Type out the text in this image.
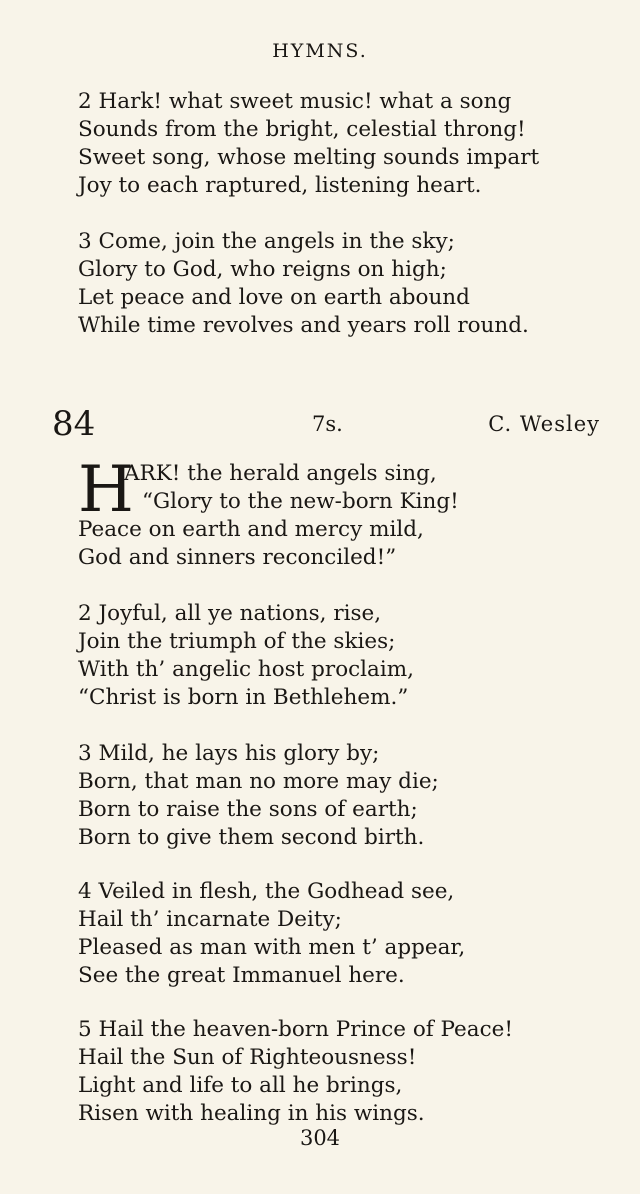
HYMNS.
2 Hark! what sweet music! what a song
Sounds from the bright, celestial throng!
Sweet song, whose melting sounds impart
Joy to each raptured, listening heart.
3 Come, join the angels in the sky;
Glory to God, who reigns on high;
Let peace and love on earth abound
While time revolves and years roll round.
84	7s.	C. Wesley
H
ARK! the herald angels sing,
“Glory to the new-born King!
Peace on earth and mercy mild,
God and sinners reconciled!”
2 Joyful, all ye nations, rise,
Join the triumph of the skies;
With th’ angelic host proclaim,
“Christ is born in Bethlehem.”
3 Mild, he lays his glory by;
Born, that man no more may die;
Born to raise the sons of earth;
Born to give them second birth.
4 Veiled in flesh, the Godhead see,
Hail th’ incarnate Deity;
Pleased as man with men t’ appear,
See the great Immanuel here.
5 Hail the heaven-born Prince of Peace!
Hail the Sun of Righteousness!
Light and life to all he brings,
Risen with healing in his wings.
304
